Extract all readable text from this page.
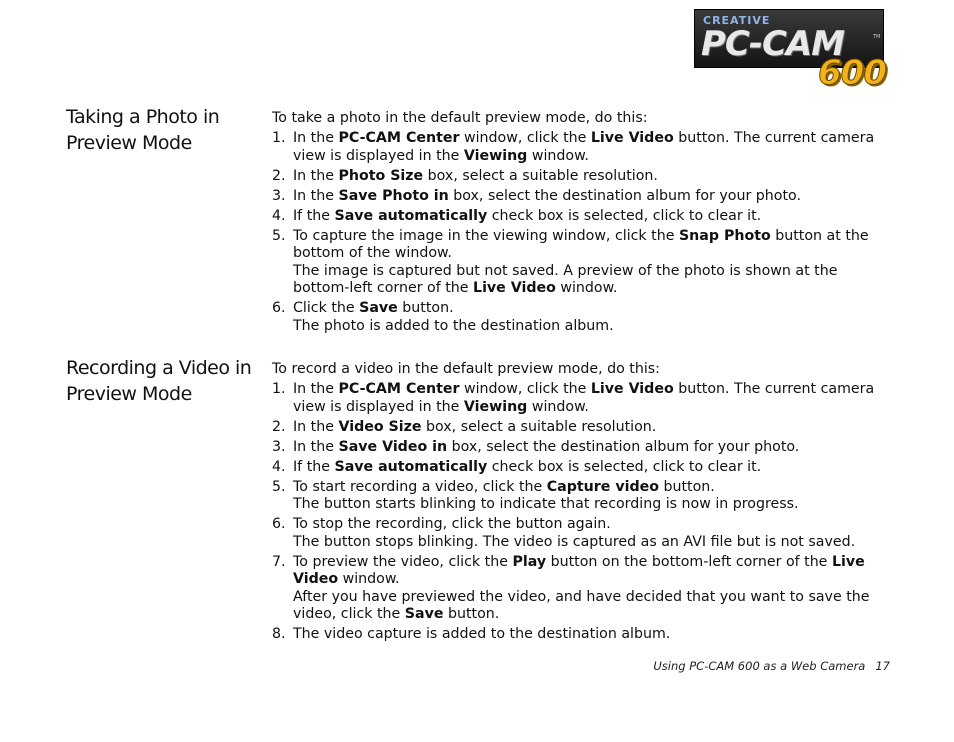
CREATIVE
PC-CAM	TM
600
Taking a Photo in Preview Mode

To take a photo in the default preview mode, do this:

1. In the PC-CAM Center window, click the Live Video button. The current camera view is displayed in the Viewing window.
2. In the Photo Size box, select a suitable resolution.
3. In the Save Photo in box, select the destination album for your photo.
4. If the Save automatically check box is selected, click to clear it.
5. To capture the image in the viewing window, click the Snap Photo button at the bottom of the window.
The image is captured but not saved. A preview of the photo is shown at the bottom-left corner of the Live Video window.
6. Click the Save button.
The photo is added to the destination album.
Recording a Video in Preview Mode

To record a video in the default preview mode, do this:

1. In the PC-CAM Center window, click the Live Video button. The current camera view is displayed in the Viewing window.
2. In the Video Size box, select a suitable resolution.
3. In the Save Video in box, select the destination album for your photo.
4. If the Save automatically check box is selected, click to clear it.
5. To start recording a video, click the Capture video button.
The button starts blinking to indicate that recording is now in progress.
6. To stop the recording, click the button again.
The button stops blinking. The video is captured as an AVI file but is not saved.
7. To preview the video, click the Play button on the bottom-left corner of the Live Video window.
After you have previewed the video, and have decided that you want to save the video, click the Save button.
8. The video capture is added to the destination album.
Using PC-CAM 600 as a Web Camera 17
